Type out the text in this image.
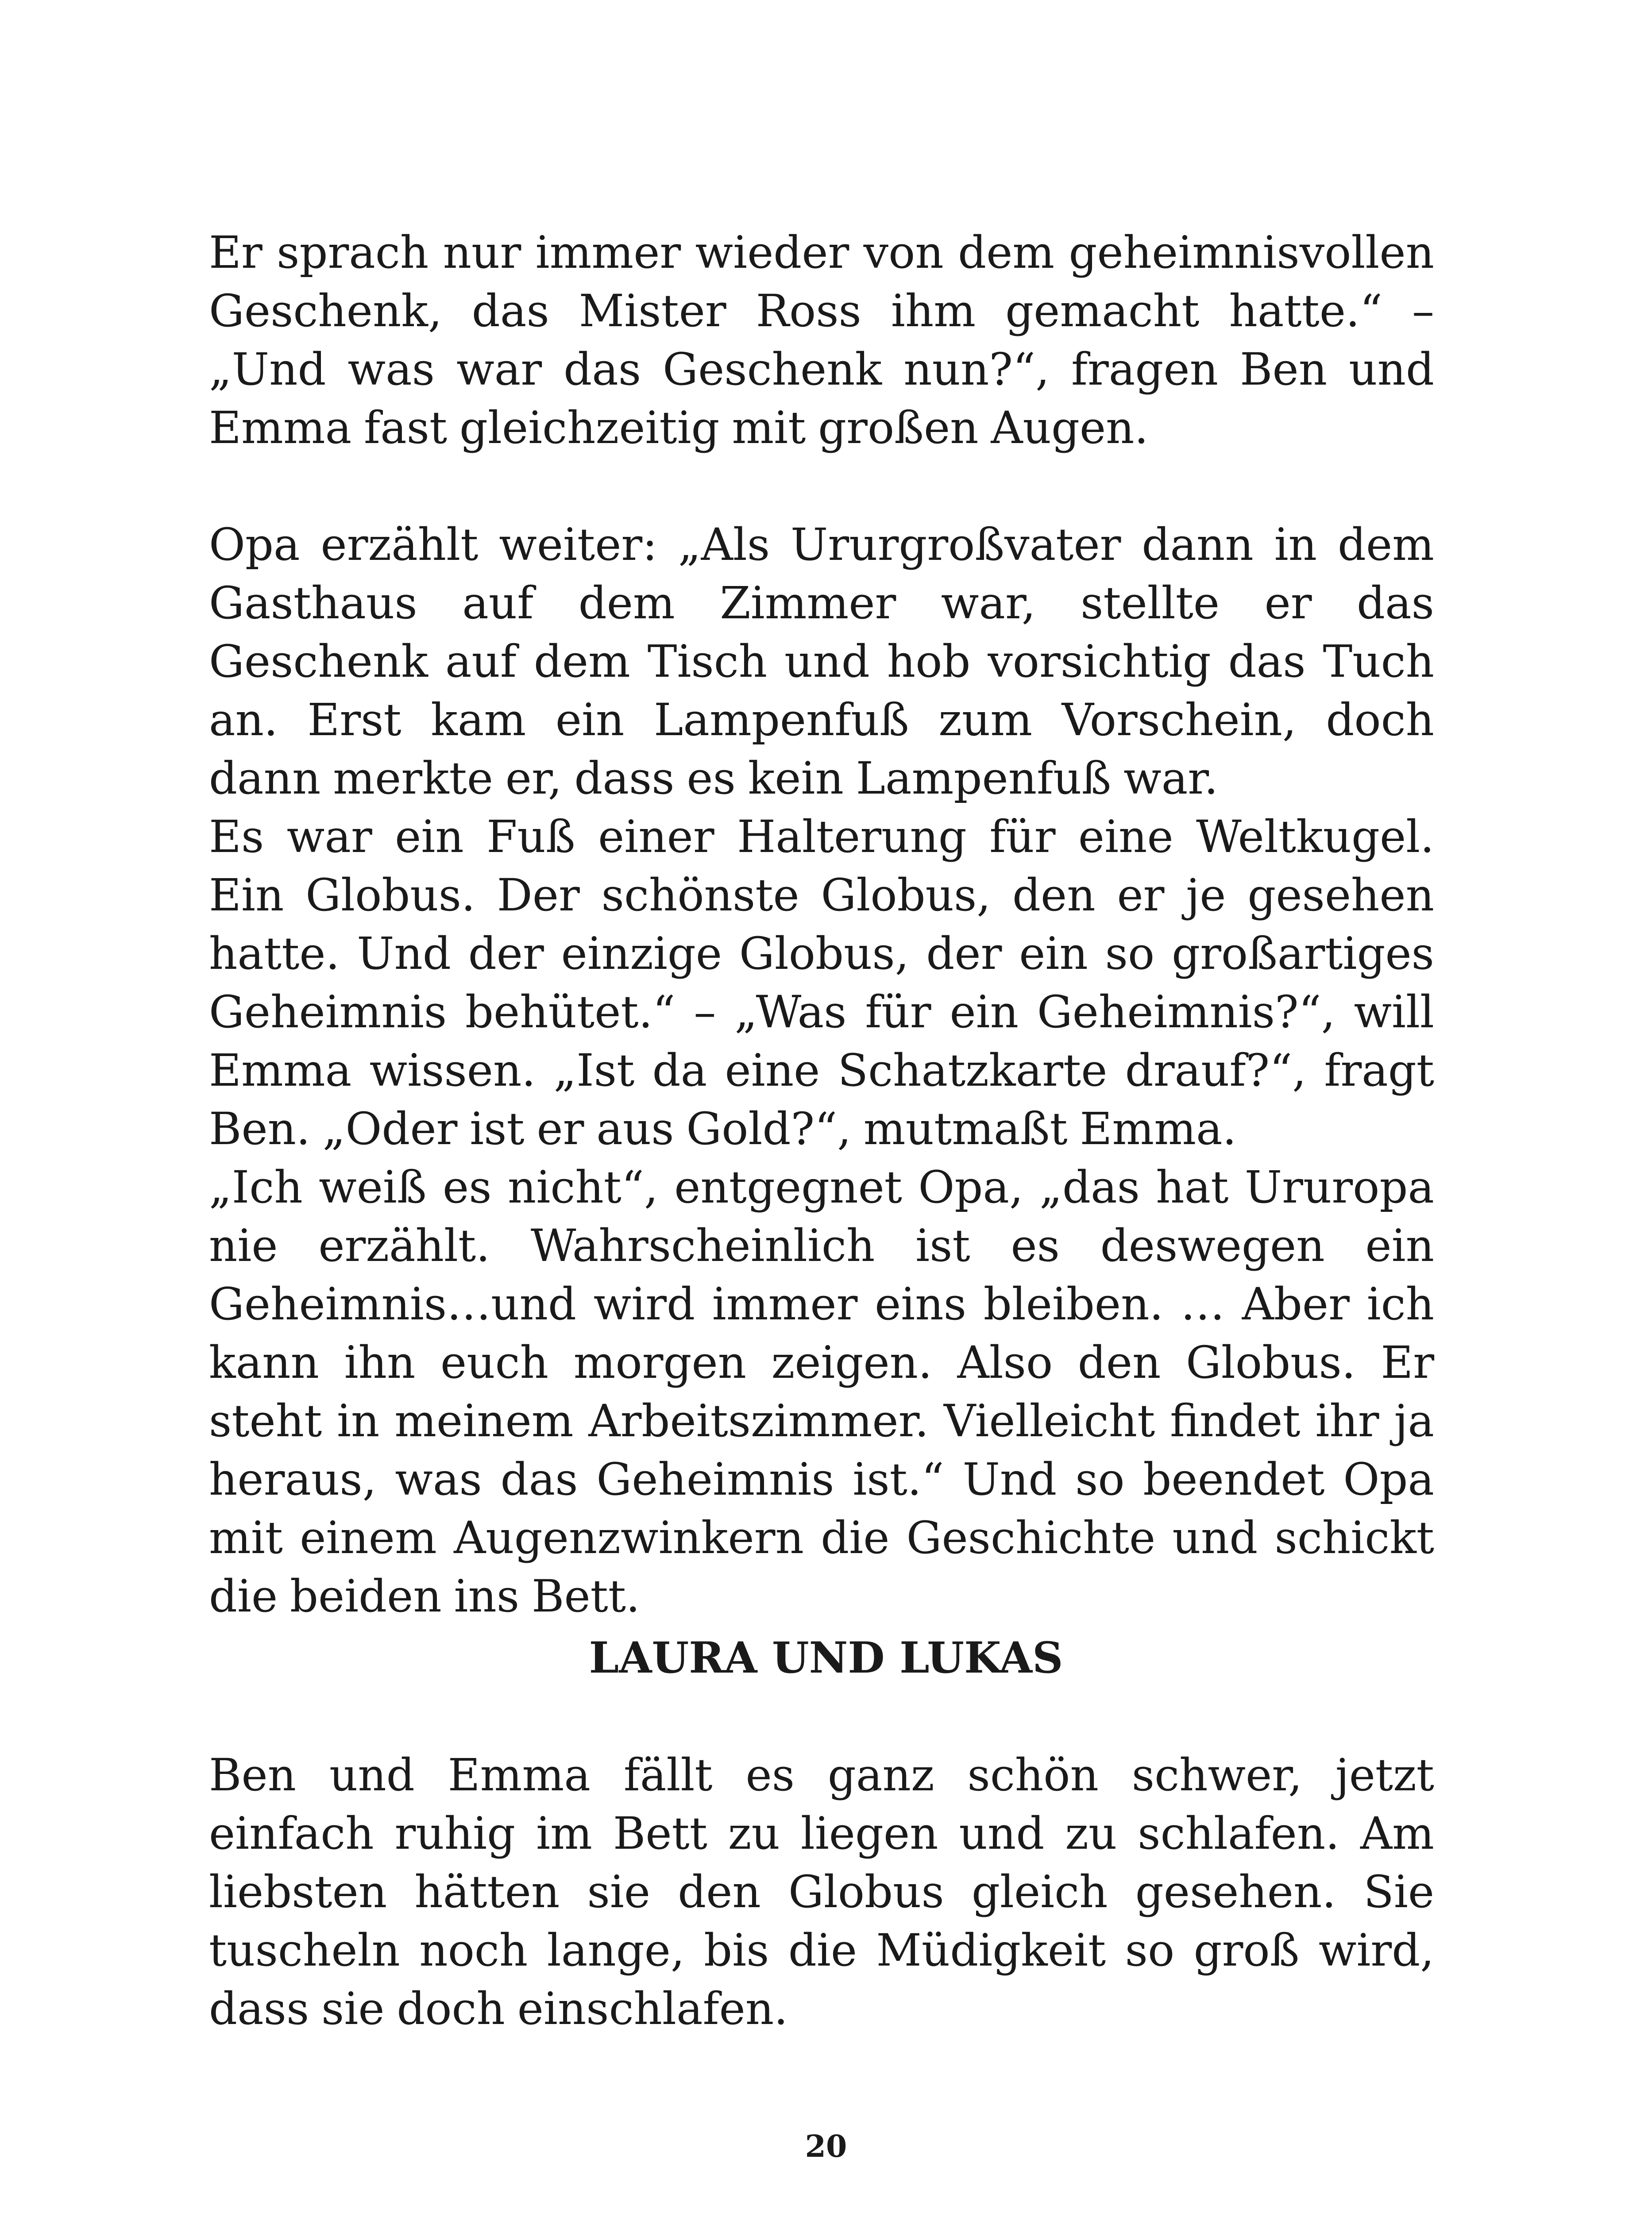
Er sprach nur immer wieder von dem geheimnisvollen Geschenk, das Mister Ross ihm gemacht hatte.“ – „Und was war das Geschenk nun?“, fragen Ben und Emma fast gleichzeitig mit großen Augen.

Opa erzählt weiter: „Als Ururgroßvater dann in dem Gasthaus auf dem Zimmer war, stellte er das Geschenk auf dem Tisch und hob vorsichtig das Tuch an. Erst kam ein Lampenfuß zum Vorschein, doch dann merkte er, dass es kein Lampenfuß war.

Es war ein Fuß einer Halterung für eine Weltkugel. Ein Globus. Der schönste Globus, den er je gesehen hatte. Und der einzige Globus, der ein so großartiges Geheimnis behütet.“ – „Was für ein Geheimnis?“, will Emma wissen. „Ist da eine Schatzkarte drauf?“, fragt Ben. „Oder ist er aus Gold?“, mutmaßt Emma.

„Ich weiß es nicht“, entgegnet Opa, „das hat Ururopa nie erzählt. Wahrscheinlich ist es deswegen ein Geheimnis…und wird immer eins bleiben. … Aber ich kann ihn euch morgen zeigen. Also den Globus. Er steht in meinem Arbeitszimmer. Vielleicht findet ihr ja heraus, was das Geheimnis ist.“ Und so beendet Opa mit einem Augenzwinkern die Geschichte und schickt die beiden ins Bett.

LAURA UND LUKAS

Ben und Emma fällt es ganz schön schwer, jetzt einfach ruhig im Bett zu liegen und zu schlafen. Am liebsten hätten sie den Globus gleich gesehen. Sie tuscheln noch lange, bis die Müdigkeit so groß wird, dass sie doch einschlafen.

20
